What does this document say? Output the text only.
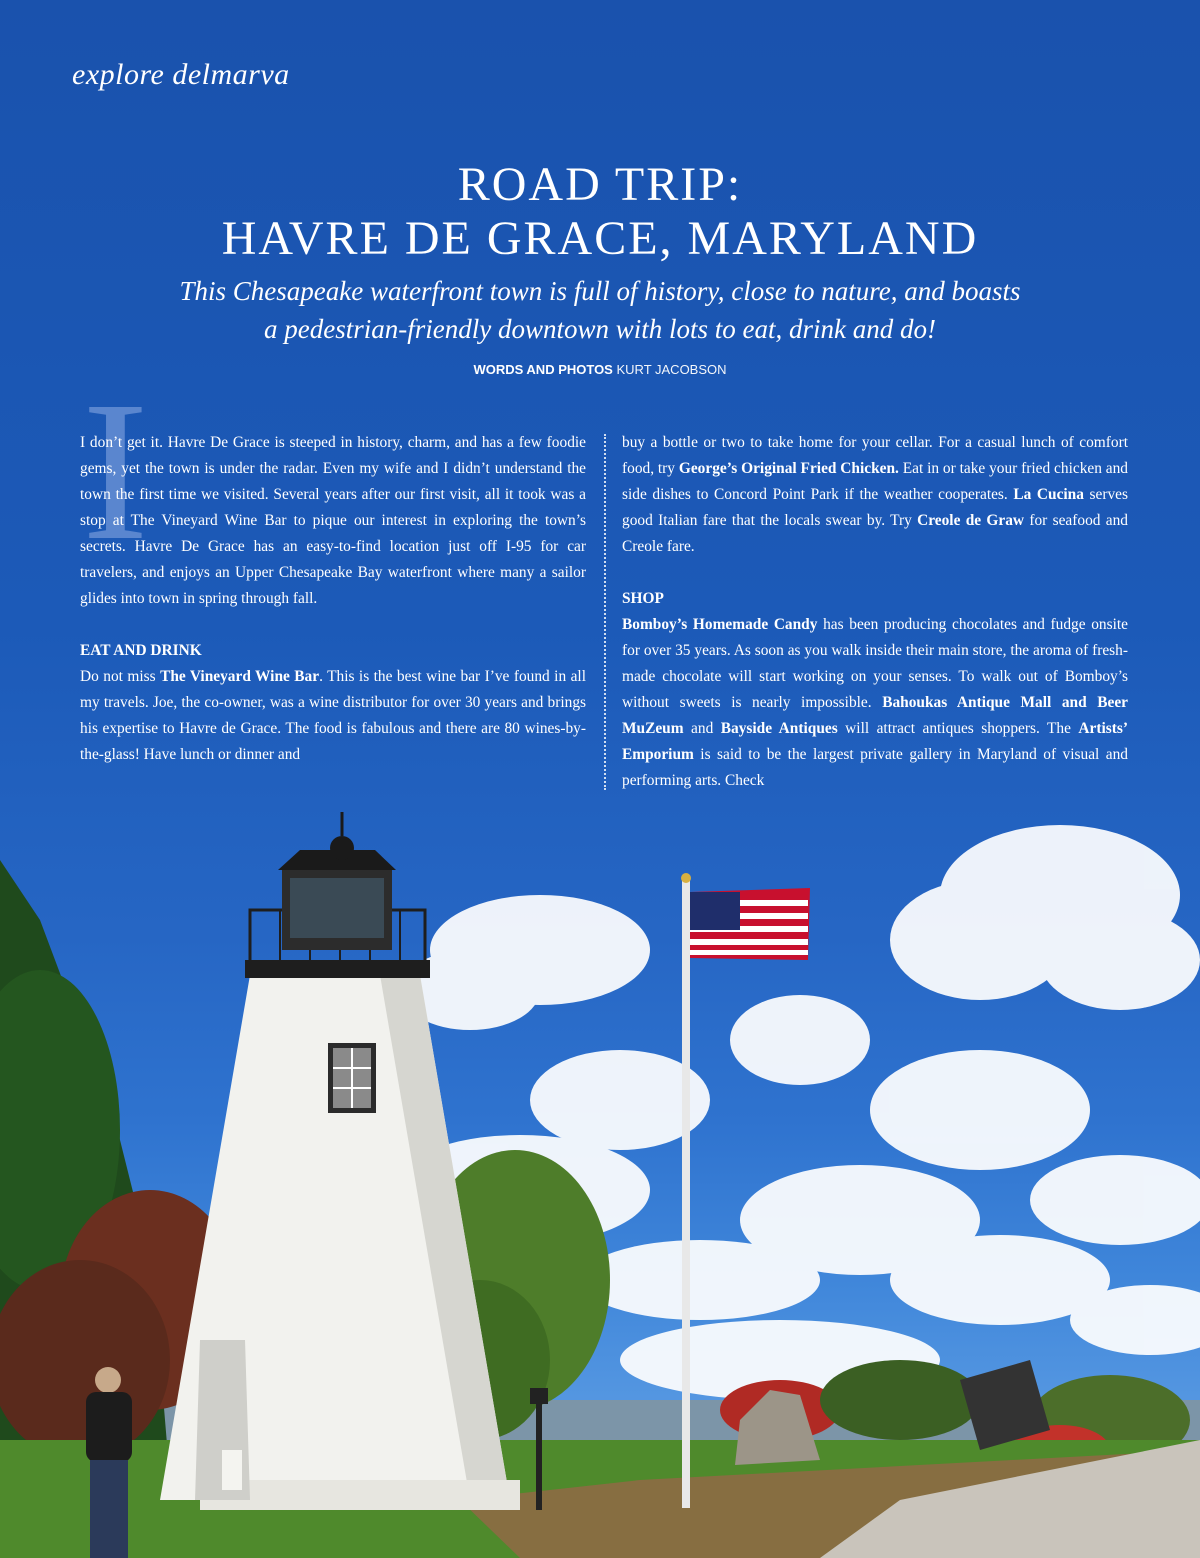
explore delmarva
ROAD TRIP:
HAVRE DE GRACE, MARYLAND
This Chesapeake waterfront town is full of history, close to nature, and boasts
a pedestrian-friendly downtown with lots to eat, drink and do!
WORDS AND PHOTOS KURT JACOBSON
I

I don’t get it. Havre De Grace is steeped in history, charm, and has a few foodie gems, yet the town is under the radar. Even my wife and I didn’t understand the town the first time we visited. Several years after our first visit, all it took was a stop at The Vineyard Wine Bar to pique our interest in exploring the town’s secrets. Havre De Grace has an easy-to-find location just off I-95 for car travelers, and enjoys an Upper Chesapeake Bay waterfront where many a sailor glides into town in spring through fall.

EAT AND DRINK

Do not miss The Vineyard Wine Bar. This is the best wine bar I’ve found in all my travels. Joe, the co-owner, was a wine distributor for over 30 years and brings his expertise to Havre de Grace. The food is fabulous and there are 80 wines-by-the-glass! Have lunch or dinner and

buy a bottle or two to take home for your cellar. For a casual lunch of comfort food, try George’s Original Fried Chicken. Eat in or take your fried chicken and side dishes to Concord Point Park if the weather cooperates. La Cucina serves good Italian fare that the locals swear by. Try Creole de Graw for seafood and Creole fare.

SHOP

Bomboy’s Homemade Candy has been producing chocolates and fudge onsite for over 35 years. As soon as you walk inside their main store, the aroma of fresh-made chocolate will start working on your senses. To walk out of Bomboy’s without sweets is nearly impossible. Bahoukas Antique Mall and Beer MuZeum and Bayside Antiques will attract antiques shoppers. The Artists’ Emporium is said to be the largest private gallery in Maryland of visual and performing arts. Check
